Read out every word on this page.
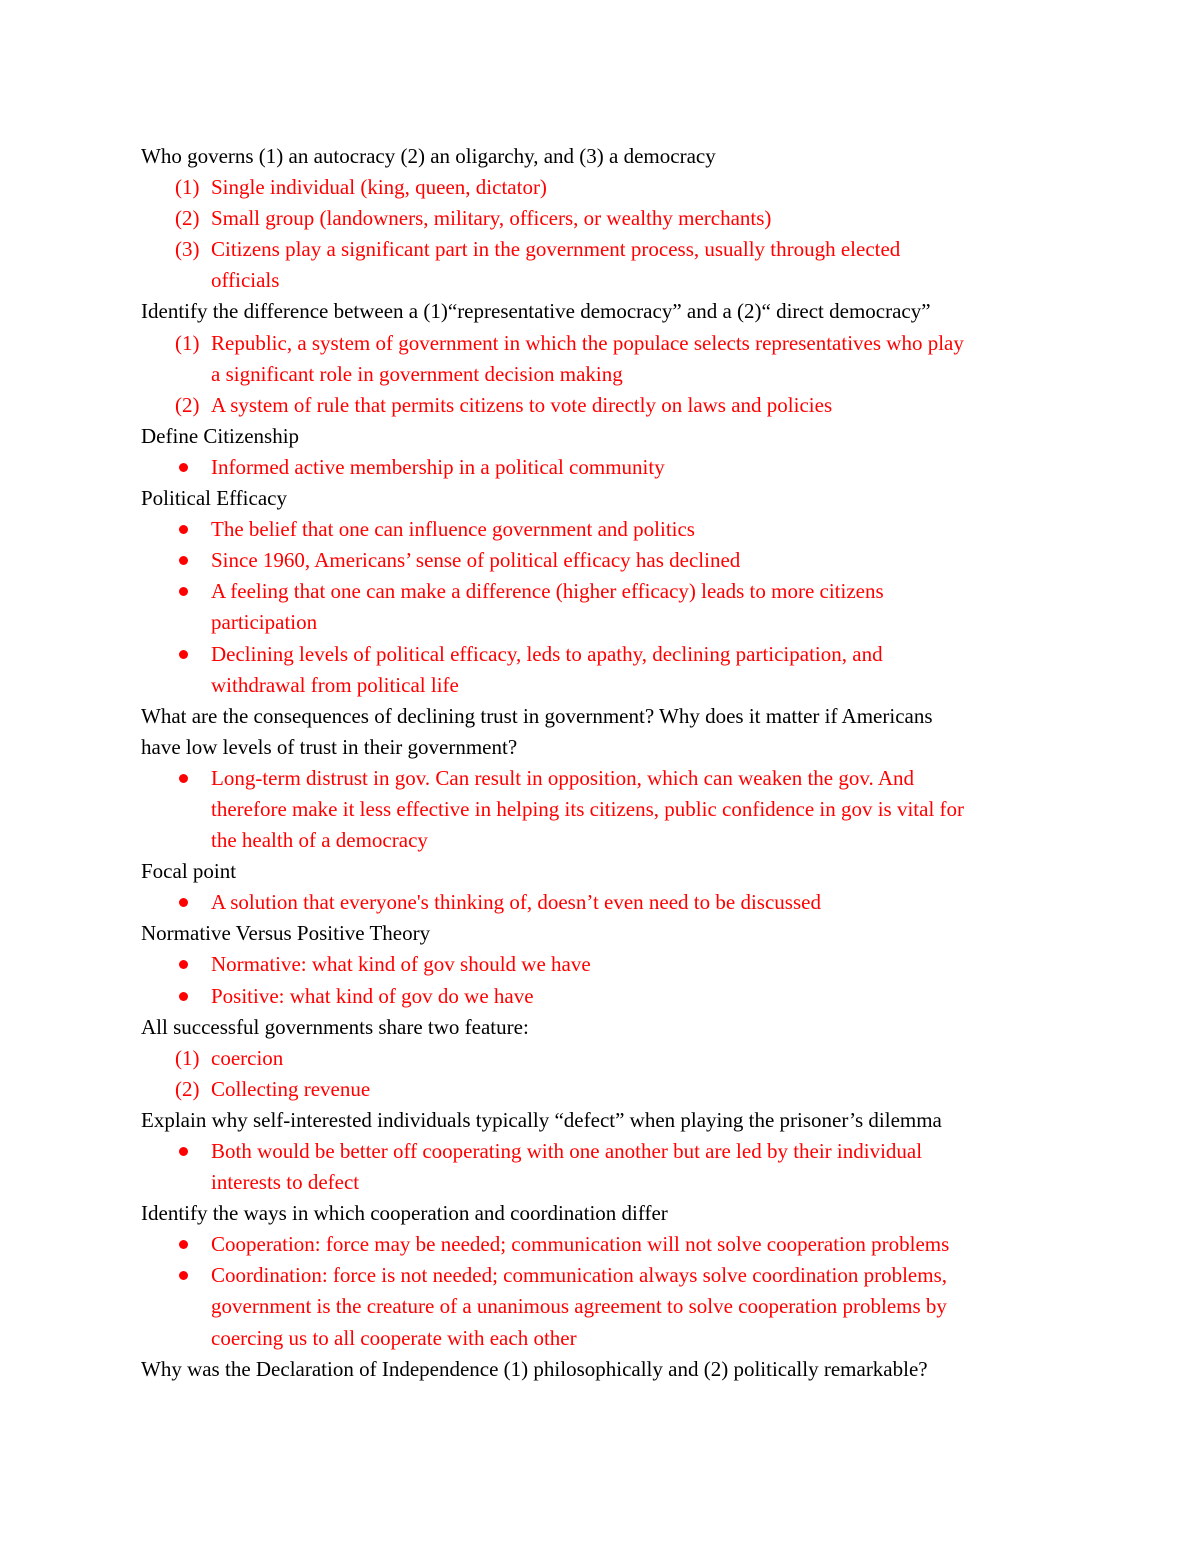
Who governs (1) an autocracy (2) an oligarchy, and (3) a democracy
(1) Single individual (king, queen, dictator)
(2) Small group (landowners, military, officers, or wealthy merchants)
(3) Citizens play a significant part in the government process, usually through elected
officials
Identify the difference between a (1)“representative democracy” and a (2)“ direct democracy”
(1) Republic, a system of government in which the populace selects representatives who play
a significant role in government decision making
(2) A system of rule that permits citizens to vote directly on laws and policies
Define Citizenship
Informed active membership in a political community
Political Efficacy
The belief that one can influence government and politics
Since 1960, Americans’ sense of political efficacy has declined
A feeling that one can make a difference (higher efficacy) leads to more citizens
participation
Declining levels of political efficacy, leds to apathy, declining participation, and
withdrawal from political life
What are the consequences of declining trust in government? Why does it matter if Americans
have low levels of trust in their government?
Long-term distrust in gov. Can result in opposition, which can weaken the gov. And
therefore make it less effective in helping its citizens, public confidence in gov is vital for
the health of a democracy
Focal point
A solution that everyone's thinking of, doesn’t even need to be discussed
Normative Versus Positive Theory
Normative: what kind of gov should we have
Positive: what kind of gov do we have
All successful governments share two feature:
(1) coercion
(2) Collecting revenue
Explain why self-interested individuals typically “defect” when playing the prisoner’s dilemma
Both would be better off cooperating with one another but are led by their individual
interests to defect
Identify the ways in which cooperation and coordination differ
Cooperation: force may be needed; communication will not solve cooperation problems
Coordination: force is not needed; communication always solve coordination problems,
government is the creature of a unanimous agreement to solve cooperation problems by
coercing us to all cooperate with each other
Why was the Declaration of Independence (1) philosophically and (2) politically remarkable?
